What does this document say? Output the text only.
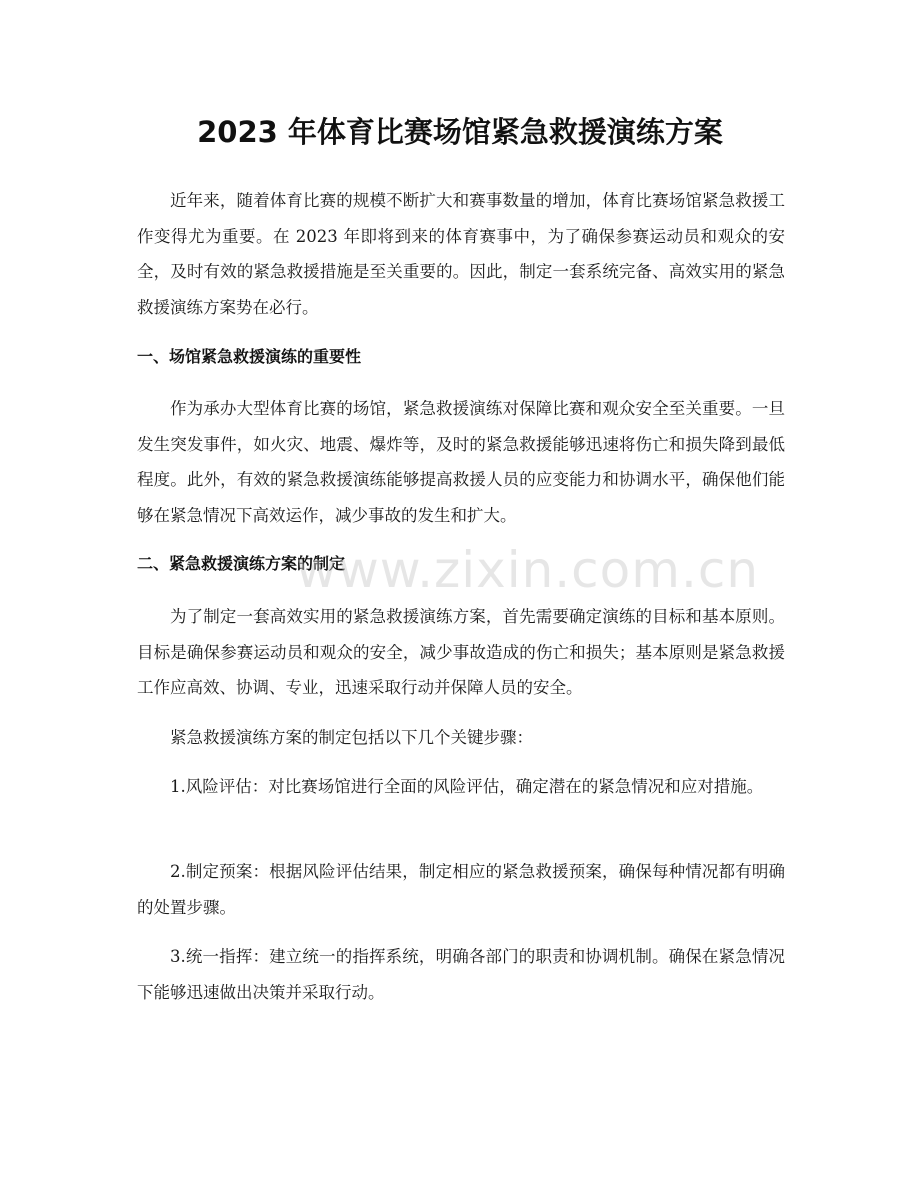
2023 年体育比赛场馆紧急救援演练方案

近年来，随着体育比赛的规模不断扩大和赛事数量的增加，体育比赛场馆紧急救援工作变得尤为重要。在 2023 年即将到来的体育赛事中，为了确保参赛运动员和观众的安全，及时有效的紧急救援措施是至关重要的。因此，制定一套系统完备、高效实用的紧急救援演练方案势在必行。

一、场馆紧急救援演练的重要性

作为承办大型体育比赛的场馆，紧急救援演练对保障比赛和观众安全至关重要。一旦发生突发事件，如火灾、地震、爆炸等，及时的紧急救援能够迅速将伤亡和损失降到最低程度。此外，有效的紧急救援演练能够提高救援人员的应变能力和协调水平，确保他们能够在紧急情况下高效运作，减少事故的发生和扩大。

二、紧急救援演练方案的制定

为了制定一套高效实用的紧急救援演练方案，首先需要确定演练的目标和基本原则。目标是确保参赛运动员和观众的安全，减少事故造成的伤亡和损失；基本原则是紧急救援工作应高效、协调、专业，迅速采取行动并保障人员的安全。

紧急救援演练方案的制定包括以下几个关键步骤：

1.风险评估：对比赛场馆进行全面的风险评估，确定潜在的紧急情况和应对措施。

2.制定预案：根据风险评估结果，制定相应的紧急救援预案，确保每种情况都有明确的处置步骤。

3.统一指挥：建立统一的指挥系统，明确各部门的职责和协调机制。确保在紧急情况下能够迅速做出决策并采取行动。

www.zixin.com.cn
